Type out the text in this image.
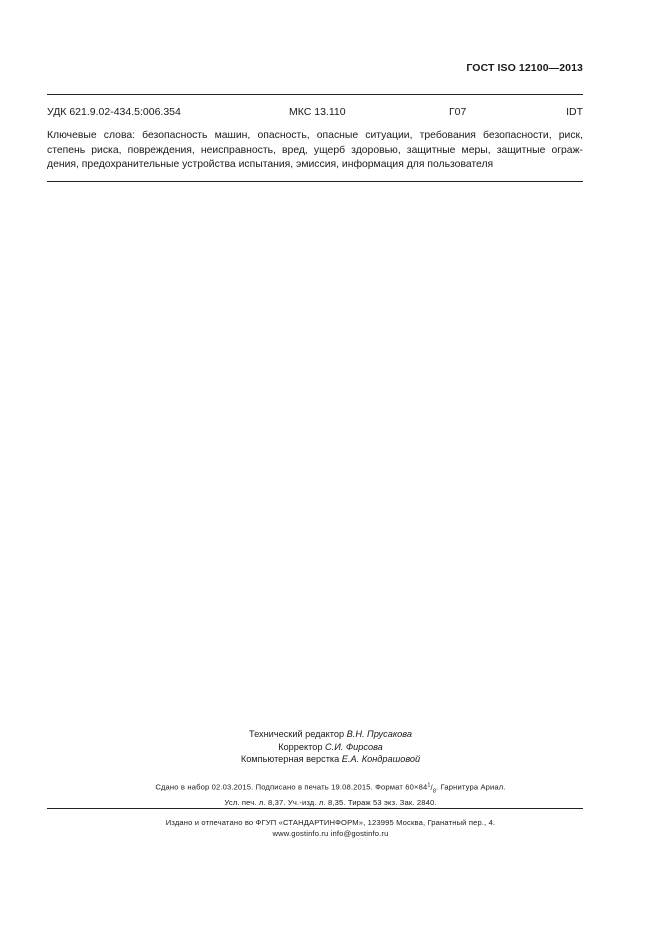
ГОСТ ISO 12100—2013
УДК 621.9.02-434.5:006.354	МКС 13.110	Г07	IDT
Ключевые слова: безопасность машин, опасность, опасные ситуации, требования безопасности, риск,
степень риска, повреждения, неисправность, вред, ущерб здоровью, защитные меры, защитные ограж-
дения, предохранительные устройства испытания, эмиссия, информация для пользователя
Технический редактор В.Н. Прусакова
Корректор С.И. Фирсова
Компьютерная верстка Е.А. Кондрашовой
Сдано в набор 02.03.2015. Подписано в печать 19.08.2015. Формат $60\times 84^1/_8$. Гарнитура Ариал.
Усл. печ. л. 8,37. Уч.-изд. л. 8,35. Тираж 53 экз. Зак. 2840.
Издано и отпечатано во ФГУП «СТАНДАРТИНФОРМ», 123995 Москва, Гранатный пер., 4.
www.gostinfo.ru info@gostinfo.ru
